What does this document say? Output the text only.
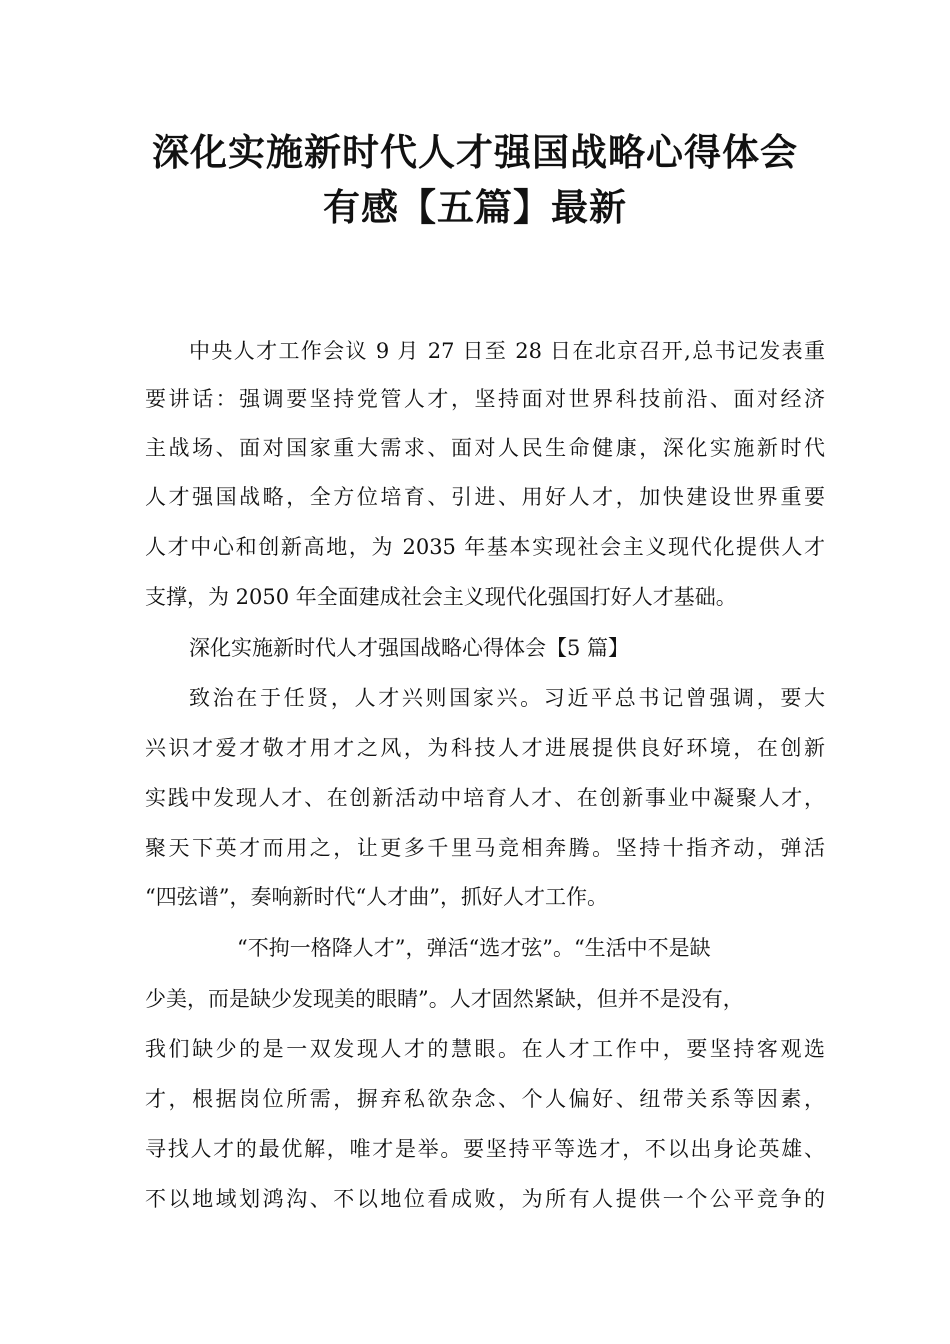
深化实施新时代人才强国战略心得体会
有感【五篇】最新

中央人才工作会议 9 月 27 日至 28 日在北京召开,总书记发表重

要讲话：强调要坚持党管人才，坚持面对世界科技前沿、面对经济

主战场、面对国家重大需求、面对人民生命健康，深化实施新时代

人才强国战略，全方位培育、引进、用好人才，加快建设世界重要

人才中心和创新高地，为 2035 年基本实现社会主义现代化提供人才

支撑，为 2050 年全面建成社会主义现代化强国打好人才基础。

深化实施新时代人才强国战略心得体会【5 篇】

致治在于任贤，人才兴则国家兴。习近平总书记曾强调，要大

兴识才爱才敬才用才之风，为科技人才进展提供良好环境，在创新

实践中发现人才、在创新活动中培育人才、在创新事业中凝聚人才，

聚天下英才而用之，让更多千里马竞相奔腾。坚持十指齐动，弹活

“四弦谱”，奏响新时代“人才曲”，抓好人才工作。

“不拘一格降人才”，弹活“选才弦”。“生活中不是缺

少美，而是缺少发现美的眼睛”。人才固然紧缺，但并不是没有，

我们缺少的是一双发现人才的慧眼。在人才工作中，要坚持客观选

才，根据岗位所需，摒弃私欲杂念、个人偏好、纽带关系等因素，

寻找人才的最优解，唯才是举。要坚持平等选才，不以出身论英雄、

不以地域划鸿沟、不以地位看成败，为所有人提供一个公平竞争的
